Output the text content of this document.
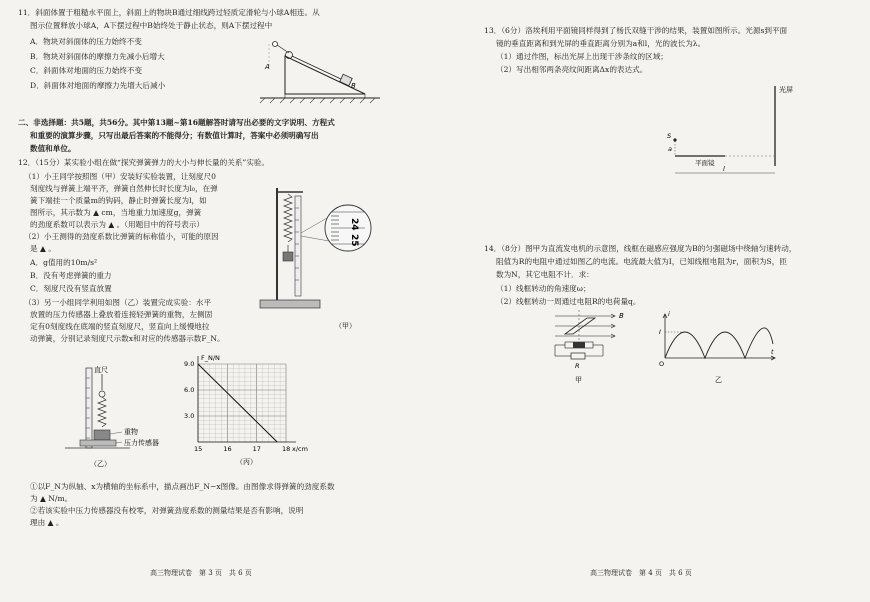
11．斜面体置于粗糙水平面上，斜面上的物块B通过细线跨过轻质定滑轮与小球A相连。从
图示位置释放小球A，A下摆过程中B始终处于静止状态，则A下摆过程中
A．物块对斜面体的压力始终不变
B．物块对斜面体的摩擦力先减小后增大
C．斜面体对地面的压力始终不变
D．斜面体对地面的摩擦力先增大后减小
A
B
二、非选择题：共5题，共56分。其中第13题~第16题解答时请写出必要的文字说明、方程式
和重要的演算步骤，只写出最后答案的不能得分；有数值计算时，答案中必须明确写出
数值和单位。
12．（15分）某实验小组在做“探究弹簧弹力的大小与伸长量的关系”实验。
（1）小王同学按照图（甲）安装好实验装置，让刻度尺0
刻度线与弹簧上端平齐，弹簧自然伸长时长度为l₀，在弹
簧下端挂一个质量m的钩码，静止时弹簧长度为l，如
图所示，其示数为 ▲ cm，当地重力加速度g，弹簧
的劲度系数可以表示为 ▲ 。（用题目中的符号表示）
（2）小王测得的劲度系数比弹簧的标称值小，可能的原因
是 ▲ 。
A．g值用的10m/s²
B．没有考虑弹簧的重力
C．刻度尺没有竖直放置
（3）另一小组同学利用如图（乙）装置完成实验：水平
放置的压力传感器上叠放着连接轻弹簧的重物，左侧固
定有0刻度线在底端的竖直刻度尺，竖直向上缓慢地拉
动弹簧，分别记录刻度尺示数x和对应的传感器示数F_N。
24
25
（甲）
直尺
重物
压力传感器
（乙）
15	16	17	18
3.0
6.0
9.0
F_N/N
x/cm
（丙）
①以F_N为纵轴、x为横轴的坐标系中，描点画出F_N−x图像。由图像求得弹簧的劲度系数
为 ▲ N/m。
②若该实验中压力传感器没有校零，对弹簧劲度系数的测量结果是否有影响，说明
理由 ▲ 。
高三物理试卷　第 3 页　共 6 页
13．（6分）洛埃利用平面镜同样得到了杨氏双缝干涉的结果，装置如图所示。光源s到平面
镜的垂直距离和到光屏的垂直距离分别为a和l，光的波长为λ。
（1）通过作图，标出光屏上出现干涉条纹的区域；
（2）写出相邻两条亮纹间距离Δx的表达式。
光屏
S
a
平面镜
l
14．（8分）图甲为直流发电机的示意图，线框在磁感应强度为B的匀强磁场中绕轴匀速转动，
阻值为R的电阻中通过如图乙的电流。电流最大值为I，已知线框电阻为r，面积为S，匝
数为N，其它电阻不计．求：
（1）线框转动的角速度ω；
（2）线框转动一周通过电阻R的电荷量q。
B
R
甲
I
O
i
t
乙
高三物理试卷　第 4 页　共 6 页
